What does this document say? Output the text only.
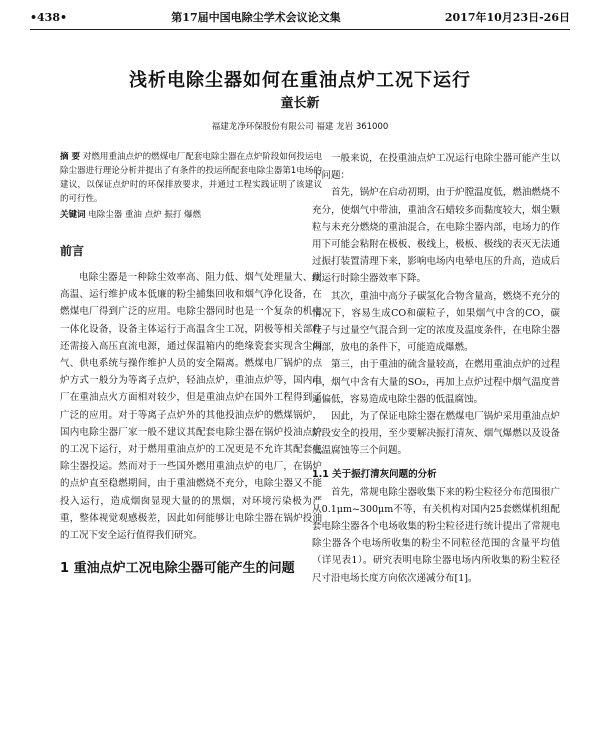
•438•	第17届中国电除尘学术会议论文集	2017年10月23日-26日
浅析电除尘器如何在重油点炉工况下运行
童长新
福建龙净环保股份有限公司 福建 龙岩 361000
摘 要 对燃用重油点炉的燃煤电厂配套电除尘器在点炉阶段如何投运电除尘器进行理论分析并提出了有条件的投运所配套电除尘器第1电场的建议，以保证点炉时的环保排放要求，并通过工程实践证明了该建议的可行性。
关键词 电除尘器 重油 点炉 振打 爆燃
前言

电除尘器是一种除尘效率高、阻力低、烟气处理量大、耐高温、运行维护成本低廉的粉尘捕集回收和烟气净化设备，在燃煤电厂得到广泛的应用。电除尘器同时也是一个复杂的机电一体化设备，设备主体运行于高温含尘工况，阴极等相关部件还需接入高压直流电源，通过保温箱内的绝缘瓷套实现含尘烟气、供电系统与操作维护人员的安全隔离。燃煤电厂锅炉的点炉方式一般分为等离子点炉，轻油点炉，重油点炉等，国内电厂在重油点火方面相对较少，但是重油点炉在国外工程得到了广泛的应用。对于等离子点炉外的其他投油点炉的燃煤锅炉，国内电除尘器厂家一般不建议其配套电除尘器在锅炉投油点炉的工况下运行，对于燃用重油点炉的工况更是不允许其配套电除尘器投运。然而对于一些国外燃用重油点炉的电厂，在锅炉的点炉直至稳燃期间，由于重油燃烧不充分，电除尘器又不能投入运行，造成烟囱显现大量的的黑烟，对环境污染极为严重，整体视觉观感极差，因此如何能够让电除尘器在锅炉投油的工况下安全运行值得我们研究。

1 重油点炉工况电除尘器可能产生的问题

一般来说，在投重油点炉工况运行电除尘器可能产生以下问题：

首先，锅炉在启动初期，由于炉膛温度低，燃油燃烧不充分，使烟气中带油，重油含石蜡较多而黏度较大，烟尘颗粒与未充分燃烧的重油混合，在电除尘器内部，电场力的作用下可能会粘附在极板、极线上，极板、极线的表灭无法通过振打装置清理下来，影响电场内电晕电压的升高，造成后续运行时除尘器效率下降。

其次，重油中高分子碳氢化合物含量高，燃烧不充分的情况下，容易生成CO和碳粒子，如果烟气中含的CO，碳粒子与过量空气混合到一定的浓度及温度条件，在电除尘器内部，放电的条件下，可能造成爆燃。

第三，由于重油的硫含量较高，在燃用重油点炉的过程中，烟气中含有大量的SO₂，再加上点炉过程中烟气温度普遍偏低，容易造成电除尘器的低温腐蚀。

因此，为了保证电除尘器在燃煤电厂锅炉采用重油点炉阶段安全的投用，至少要解决振打清灰、烟气爆燃以及设备低温腐蚀等三个问题。

1.1 关于振打清灰问题的分析

首先，常规电除尘器收集下来的粉尘粒径分布范围很广从0.1μm~300μm不等，有关机构对国内25套燃煤机组配套电除尘器各个电场收集的粉尘粒径进行统计提出了常规电除尘器各个电场所收集的粉尘不同粒径范围的含量平均值（详见表1）。研究表明电除尘器电场内所收集的粉尘粒径尺寸沿电场长度方向依次递减分布[1]。
